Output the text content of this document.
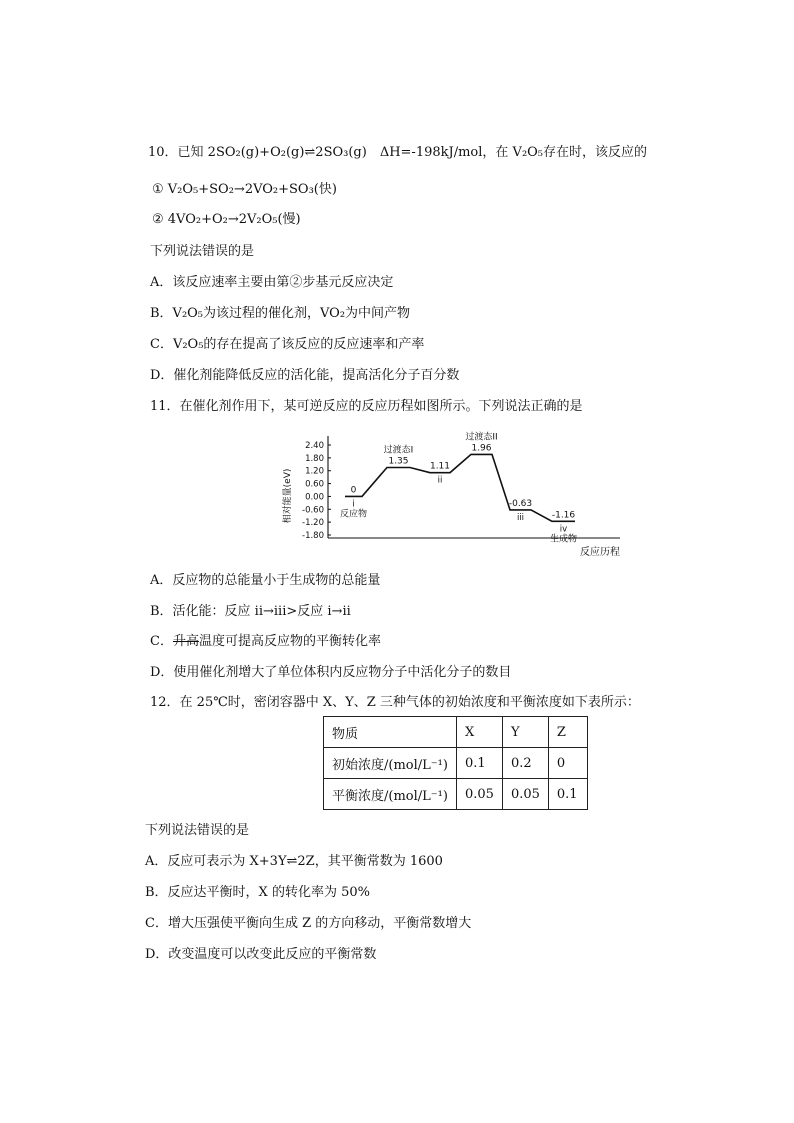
10．已知 2SO₂(g)+O₂(g)⇌2SO₃(g)　ΔH=-198kJ/mol，在 V₂O₅存在时，该反应的
① V₂O₅+SO₂→2VO₂+SO₃(快)
② 4VO₂+O₂→2V₂O₅(慢)
下列说法错误的是
A．该反应速率主要由第②步基元反应决定
B．V₂O₅为该过程的催化剂，VO₂为中间产物
C．V₂O₅的存在提高了该反应的反应速率和产率
D．催化剂能降低反应的活化能，提高活化分子百分数
11．在催化剂作用下，某可逆反应的反应历程如图所示。下列说法正确的是
2.40
1.80
1.20
0.60
0.00
-0.60
-1.20
-1.80
0
i
反应物
1.35
过渡态I
1.11
ii
1.96
过渡态II
-0.63
iii	-1.16
iv
生成物
相对能量(eV)
反应历程
A．反应物的总能量小于生成物的总能量
B．活化能：反应 ii→iii>反应 i→ii
C．升高温度可提高反应物的平衡转化率
D．使用催化剂增大了单位体积内反应物分子中活化分子的数目
12．在 25℃时，密闭容器中 X、Y、Z 三种气体的初始浓度和平衡浓度如下表所示：
物质	X	Y	Z
初始浓度/(mol/L⁻¹)	0.1	0.2	0
平衡浓度/(mol/L⁻¹)	0.05	0.05	0.1
下列说法错误的是
A．反应可表示为 X+3Y⇌2Z，其平衡常数为 1600
B．反应达平衡时，X 的转化率为 50%
C．增大压强使平衡向生成 Z 的方向移动，平衡常数增大
D．改变温度可以改变此反应的平衡常数
